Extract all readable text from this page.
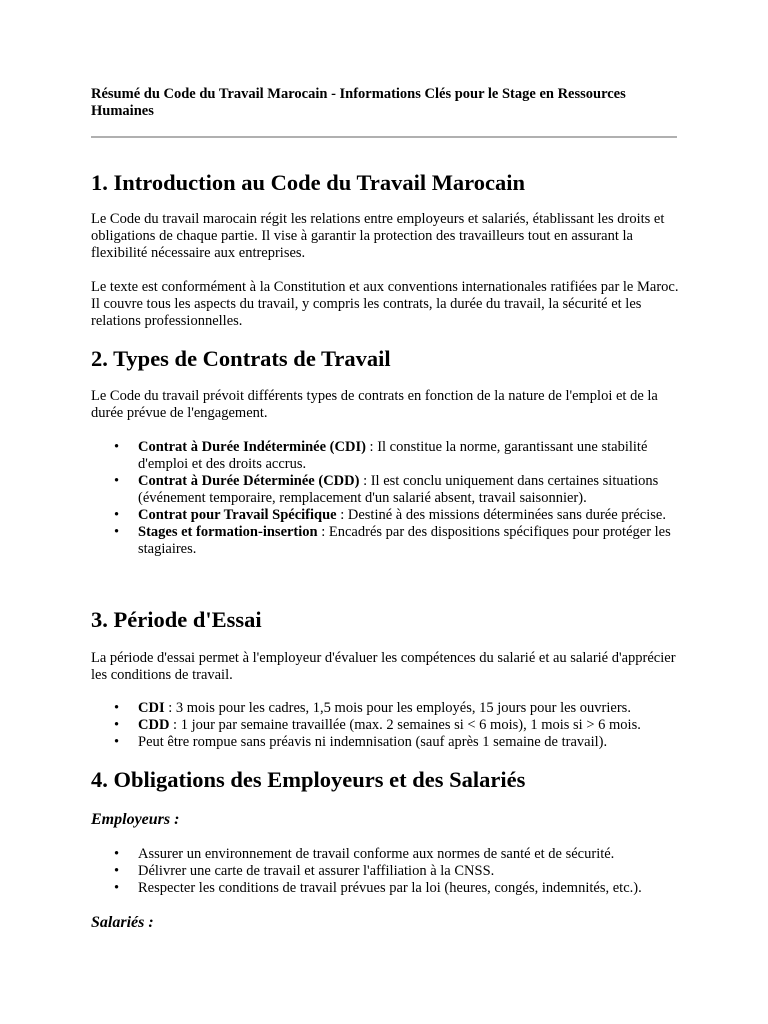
Résumé du Code du Travail Marocain - Informations Clés pour le Stage en Ressources Humaines

1. Introduction au Code du Travail Marocain

Le Code du travail marocain régit les relations entre employeurs et salariés, établissant les droits et obligations de chaque partie. Il vise à garantir la protection des travailleurs tout en assurant la flexibilité nécessaire aux entreprises.

Le texte est conformément à la Constitution et aux conventions internationales ratifiées par le Maroc. Il couvre tous les aspects du travail, y compris les contrats, la durée du travail, la sécurité et les relations professionnelles.

2. Types de Contrats de Travail

Le Code du travail prévoit différents types de contrats en fonction de la nature de l'emploi et de la durée prévue de l'engagement.

• Contrat à Durée Indéterminée (CDI) : Il constitue la norme, garantissant une stabilité d'emploi et des droits accrus.
• Contrat à Durée Déterminée (CDD) : Il est conclu uniquement dans certaines situations (événement temporaire, remplacement d'un salarié absent, travail saisonnier).
• Contrat pour Travail Spécifique : Destiné à des missions déterminées sans durée précise.
• Stages et formation-insertion : Encadrés par des dispositions spécifiques pour protéger les stagiaires.
3. Période d'Essai

La période d'essai permet à l'employeur d'évaluer les compétences du salarié et au salarié d'apprécier les conditions de travail.

• CDI : 3 mois pour les cadres, 1,5 mois pour les employés, 15 jours pour les ouvriers.
• CDD : 1 jour par semaine travaillée (max. 2 semaines si < 6 mois), 1 mois si > 6 mois.
• Peut être rompue sans préavis ni indemnisation (sauf après 1 semaine de travail).
4. Obligations des Employeurs et des Salariés

Employeurs :

• Assurer un environnement de travail conforme aux normes de santé et de sécurité.
• Délivrer une carte de travail et assurer l'affiliation à la CNSS.
• Respecter les conditions de travail prévues par la loi (heures, congés, indemnités, etc.).

Salariés :
